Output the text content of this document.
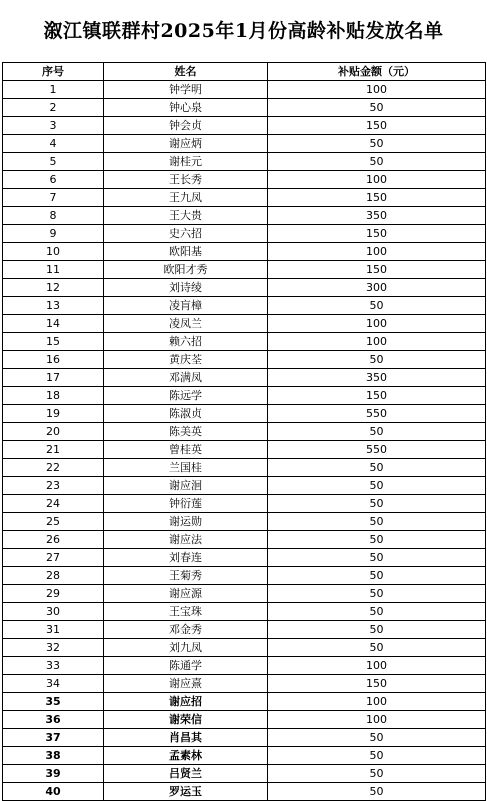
溆江镇联群村2025年1月份高龄补贴发放名单
序号	姓名	补贴金额（元）
1	钟学明	100
2	钟心泉	50
3	钟会贞	150
4	谢应炳	50
5	谢桂元	50
6	王长秀	100
7	王九凤	150
8	王大贵	350
9	史六招	150
10	欧阳基	100
11	欧阳才秀	150
12	刘诗绫	300
13	凌肓樟	50
14	凌凤兰	100
15	赖六招	100
16	黄庆荃	50
17	邓满凤	350
18	陈远学	150
19	陈淑贞	550
20	陈美英	50
21	曾桂英	550
22	兰国桂	50
23	谢应洄	50
24	钟衍莲	50
25	谢运勋	50
26	谢应法	50
27	刘春连	50
28	王菊秀	50
29	谢应源	50
30	王宝珠	50
31	邓金秀	50
32	刘九凤	50
33	陈通学	100
34	谢应熹	150
35	谢应招	100
36	谢荣信	100
37	肖昌其	50
38	孟素林	50
39	吕贤兰	50
40	罗运玉	50
